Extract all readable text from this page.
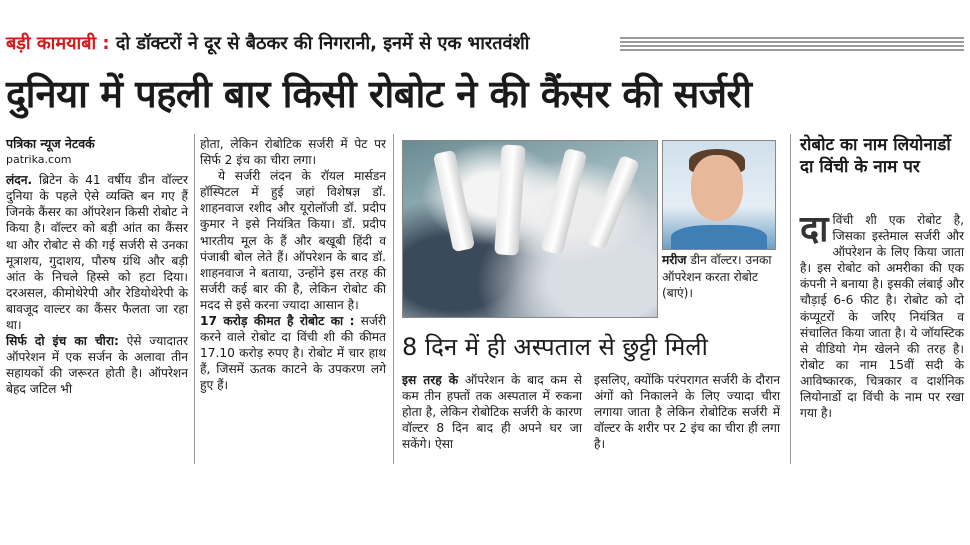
बड़ी कामयाबी : दो डॉक्टरों ने दूर से बैठकर की निगरानी, इनमें से एक भारतवंशी
दुनिया में पहली बार किसी रोबोट ने की कैंसर की सर्जरी

पत्रिका न्यूज नेटवर्क

patrika.com

लंदन. ब्रिटेन के 41 वर्षीय डीन वॉल्टर दुनिया के पहले ऐसे व्यक्ति बन गए हैं जिनके कैंसर का ऑपरेशन किसी रोबोट ने किया है। वॉल्टर को बड़ी आंत का कैंसर था और रोबोट से की गई सर्जरी से उनका मूत्राशय, गुदाशय, पौरुष ग्रंथि और बड़ी आंत के निचले हिस्से को हटा दिया। दरअसल, कीमोथेरेपी और रेडियोथेरेपी के बावजूद वाल्टर का कैंसर फैलता जा रहा था।

सिर्फ दो इंच का चीरा: ऐसे ज्यादातर ऑपरेशन में एक सर्जन के अलावा तीन सहायकों की जरूरत होती है। ऑपरेशन बेहद जटिल भी

होता, लेकिन रोबोटिक सर्जरी में पेट पर सिर्फ 2 इंच का चीरा लगा।

ये सर्जरी लंदन के रॉयल मार्सडन हॉस्पिटल में हुई जहां विशेषज्ञ डॉ. शाहनवाज रशीद और यूरोलॉजी डॉ. प्रदीप कुमार ने इसे नियंत्रित किया। डॉ. प्रदीप भारतीय मूल के हैं और बखूबी हिंदी व पंजाबी बोल लेते हैं। ऑपरेशन के बाद डॉ. शाहनवाज ने बताया, उन्होंने इस तरह की सर्जरी कई बार की है, लेकिन रोबोट की मदद से इसे करना ज्यादा आसान है।

17 करोड़ कीमत है रोबोट का : सर्जरी करने वाले रोबोट दा विंची शी की कीमत 17.10 करोड़ रुपए है। रोबोट में चार हाथ हैं, जिसमें ऊतक काटने के उपकरण लगे हुए हैं।

मरीज डीन वॉल्टर। उनका ऑपरेशन करता रोबोट (बाएं)।
8 दिन में ही अस्पताल से छुट्टी मिली

इस तरह के ऑपरेशन के बाद कम से कम तीन हफ्तों तक अस्पताल में रुकना होता है, लेकिन रोबोटिक सर्जरी के कारण वॉल्टर 8 दिन बाद ही अपने घर जा सकेंगे। ऐसा

इसलिए, क्योंकि परंपरागत सर्जरी के दौरान अंगों को निकालने के लिए ज्यादा चीरा लगाया जाता है लेकिन रोबोटिक सर्जरी में वॉल्टर के शरीर पर 2 इंच का चीरा ही लगा है।

रोबोट का नाम लियोनार्डो दा विंची के नाम पर

दाविंची शी एक रोबोट है, जिसका इस्तेमाल सर्जरी और ऑपरेशन के लिए किया जाता है। इस रोबोट को अमरीका की एक कंपनी ने बनाया है। इसकी लंबाई और चौड़ाई 6-6 फीट है। रोबोट को दो कंप्यूटरों के जरिए नियंत्रित व संचालित किया जाता है। ये जॉयस्टिक से वीडियो गेम खेलने की तरह है। रोबोट का नाम 15वीं सदी के आविष्कारक, चित्रकार व दार्शनिक लियोनार्डो दा विंची के नाम पर रखा गया है।
